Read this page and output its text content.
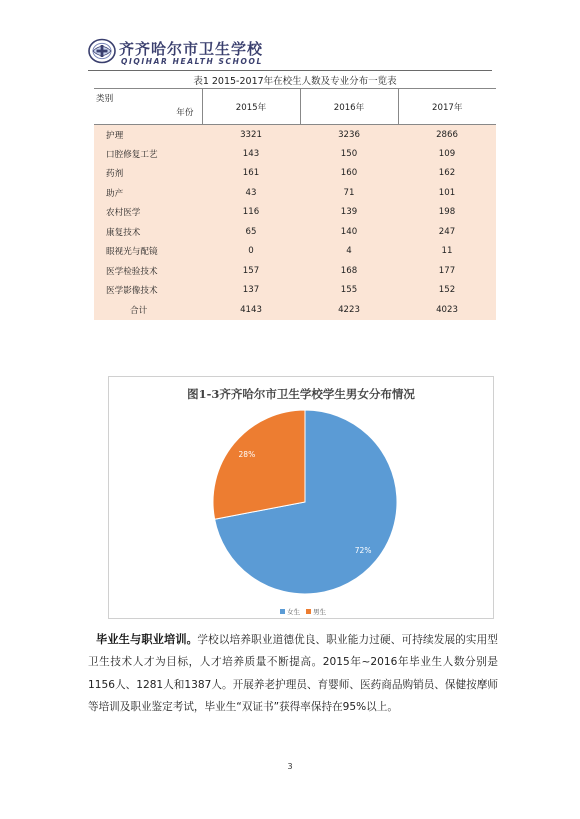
齐齐哈尔市卫生学校
QIQIHAR HEALTH SCHOOL
表1 2015-2017年在校生人数及专业分布一览表
类别
年份	2015年	2016年	2017年
护理	3321	3236	2866
口腔修复工艺	143	150	109
药剂	161	160	162
助产	43	71	101
农村医学	116	139	198
康复技术	65	140	247
眼视光与配镜	0	4	11
医学检验技术	157	168	177
医学影像技术	137	155	152
合计	4143	4223	4023
图1-3齐齐哈尔市卫生学校学生男女分布情况
72%
28%
女生 男生
毕业生与职业培训。学校以培养职业道德优良、职业能力过硬、可持续发展的实用型卫生技术人才为目标，人才培养质量不断提高。2015年~2016年毕业生人数分别是1156人、1281人和1387人。开展养老护理员、育婴师、医药商品购销员、保健按摩师等培训及职业鉴定考试，毕业生“双证书”获得率保持在95%以上。
3
